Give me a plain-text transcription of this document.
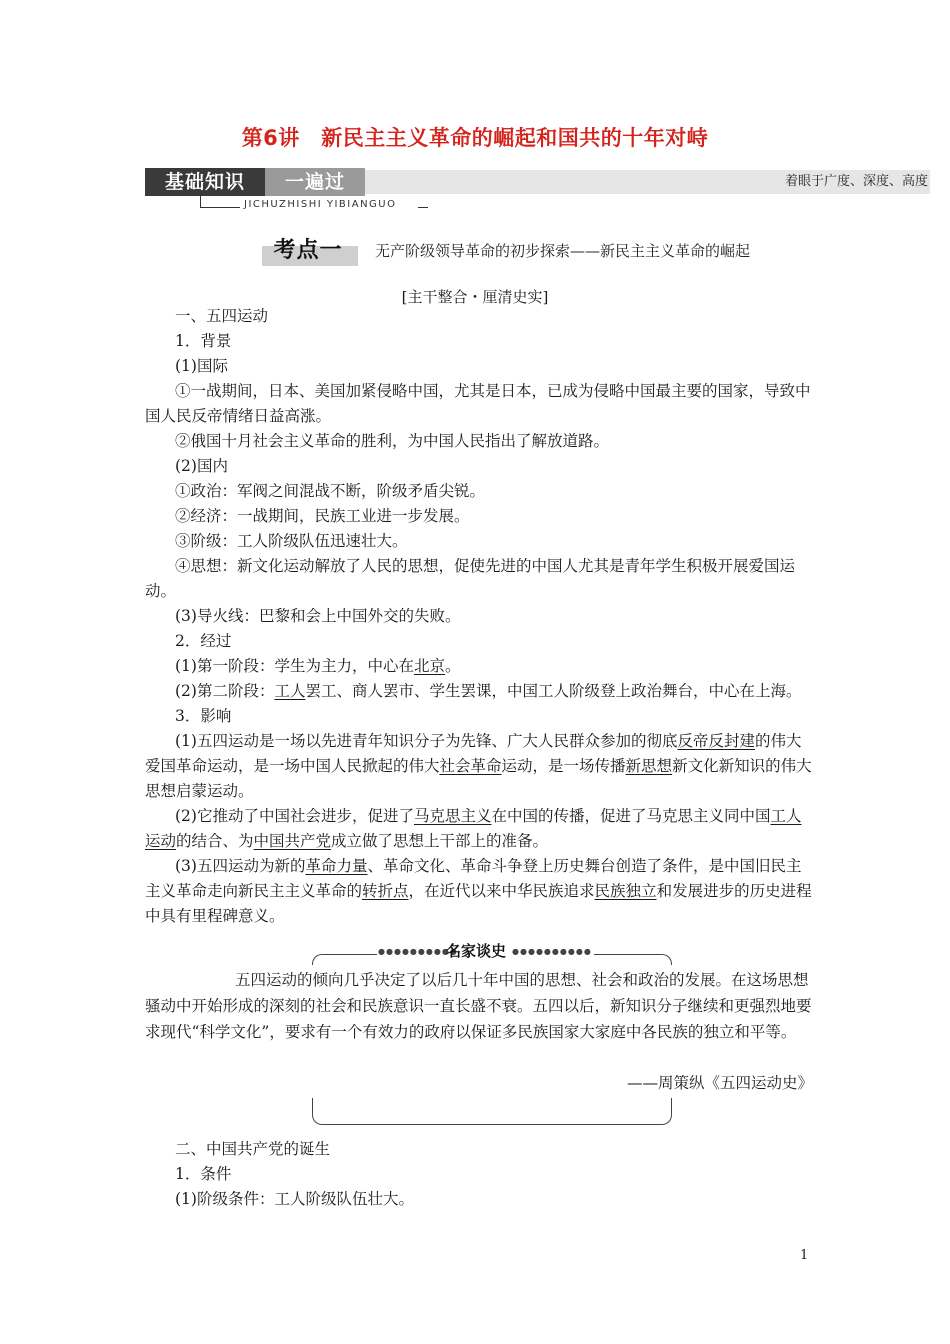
第6讲　新民主主义革命的崛起和国共的十年对峙
基础知识	一遍过	着眼于广度、深度、高度
JICHUZHISHI YIBIANGUO
考点一	无产阶级领导革命的初步探索——新民主主义革命的崛起
[主干整合・厘清史实]
一、五四运动
1．背景
(1)国际
①一战期间，日本、美国加紧侵略中国，尤其是日本，已成为侵略中国最主要的国家，导致中国人民反帝情绪日益高涨。
②俄国十月社会主义革命的胜利，为中国人民指出了解放道路。
(2)国内
①政治：军阀之间混战不断，阶级矛盾尖锐。
②经济：一战期间，民族工业进一步发展。
③阶级：工人阶级队伍迅速壮大。
④思想：新文化运动解放了人民的思想，促使先进的中国人尤其是青年学生积极开展爱国运动。
(3)导火线：巴黎和会上中国外交的失败。
2．经过
(1)第一阶段：学生为主力，中心在北京。
(2)第二阶段：工人罢工、商人罢市、学生罢课，中国工人阶级登上政治舞台，中心在上海。
3．影响
(1)五四运动是一场以先进青年知识分子为先锋、广大人民群众参加的彻底反帝反封建的伟大爱国革命运动，是一场中国人民掀起的伟大社会革命运动，是一场传播新思想新文化新知识的伟大思想启蒙运动。
(2)它推动了中国社会进步，促进了马克思主义在中国的传播，促进了马克思主义同中国工人运动的结合、为中国共产党成立做了思想上干部上的准备。
(3)五四运动为新的革命力量、革命文化、革命斗争登上历史舞台创造了条件，是中国旧民主主义革命走向新民主主义革命的转折点，在近代以来中华民族追求民族独立和发展进步的历史进程中具有里程碑意义。
●●●●●●●●●●
名家谈史 ●●●●●●●●●●
五四运动的倾向几乎决定了以后几十年中国的思想、社会和政治的发展。在这场思想骚动中开始形成的深刻的社会和民族意识一直长盛不衰。五四以后，新知识分子继续和更强烈地要求现代“科学文化”，要求有一个有效力的政府以保证多民族国家大家庭中各民族的独立和平等。
——周策纵《五四运动史》
二、中国共产党的诞生
1．条件
(1)阶级条件：工人阶级队伍壮大。
1
